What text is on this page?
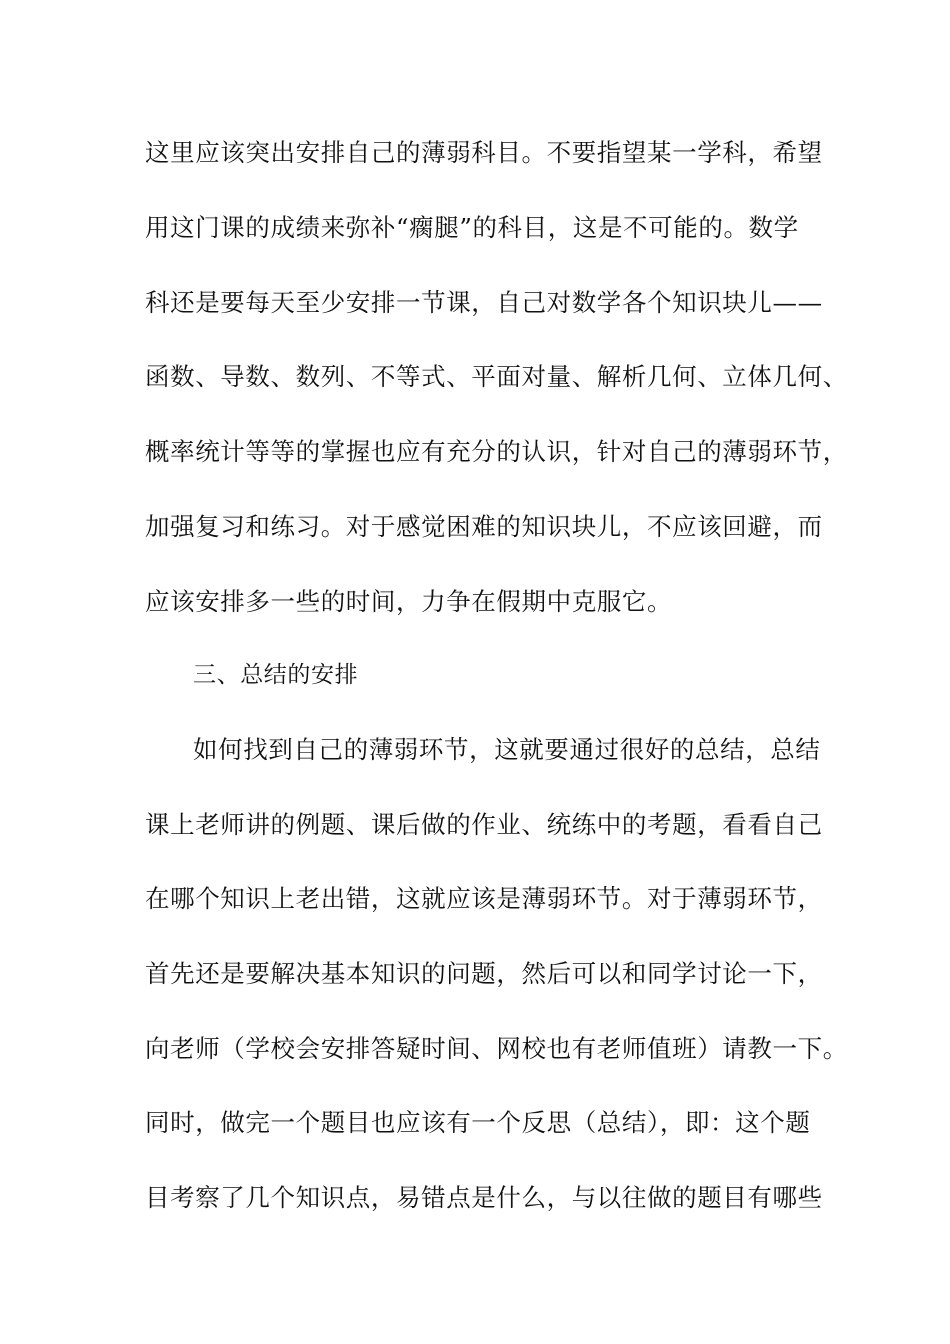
这里应该突出安排自己的薄弱科目。不要指望某一学科，希望
用这门课的成绩来弥补“瘸腿”的科目，这是不可能的。数学
科还是要每天至少安排一节课，自己对数学各个知识块儿——
函数、导数、数列、不等式、平面对量、解析几何、立体几何、
概率统计等等的掌握也应有充分的认识，针对自己的薄弱环节，
加强复习和练习。对于感觉困难的知识块儿，不应该回避，而
应该安排多一些的时间，力争在假期中克服它。
三、总结的安排
如何找到自己的薄弱环节，这就要通过很好的总结，总结
课上老师讲的例题、课后做的作业、统练中的考题，看看自己
在哪个知识上老出错，这就应该是薄弱环节。对于薄弱环节，
首先还是要解决基本知识的问题，然后可以和同学讨论一下，
向老师（学校会安排答疑时间、网校也有老师值班）请教一下。
同时，做完一个题目也应该有一个反思（总结），即：这个题
目考察了几个知识点，易错点是什么，与以往做的题目有哪些
